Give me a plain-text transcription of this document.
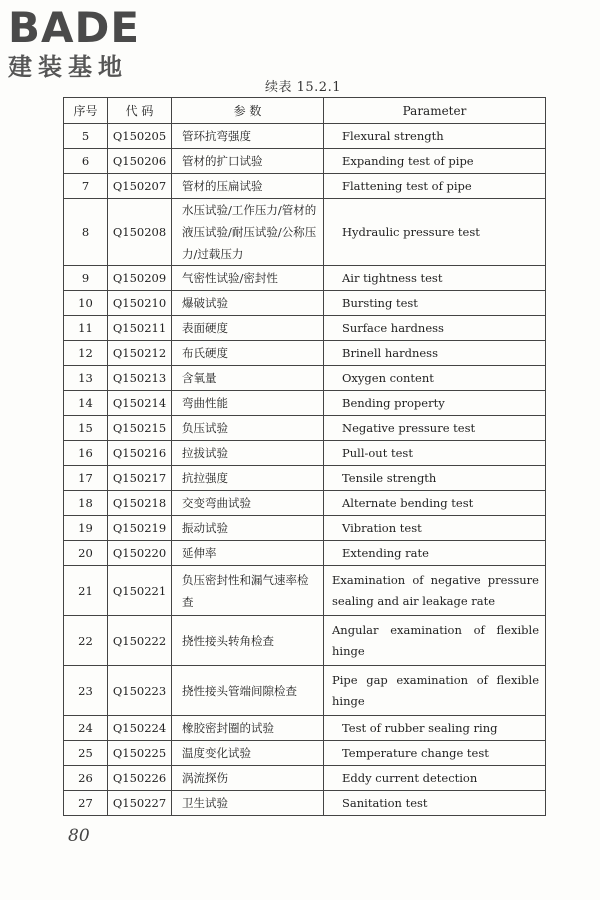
BADE
建装基地
续表 15.2.1
序号	代 码	参 数	Parameter
5	Q150205	管环抗弯强度	Flexural strength
6	Q150206	管材的扩口试验	Expanding test of pipe
7	Q150207	管材的压扁试验	Flattening test of pipe
8	Q150208	水压试验/工作压力/管材的液压试验/耐压试验/公称压力/过载压力	Hydraulic pressure test
9	Q150209	气密性试验/密封性	Air tightness test
10	Q150210	爆破试验	Bursting test
11	Q150211	表面硬度	Surface hardness
12	Q150212	布氏硬度	Brinell hardness
13	Q150213	含氧量	Oxygen content
14	Q150214	弯曲性能	Bending property
15	Q150215	负压试验	Negative pressure test
16	Q150216	拉拔试验	Pull-out test
17	Q150217	抗拉强度	Tensile strength
18	Q150218	交变弯曲试验	Alternate bending test
19	Q150219	振动试验	Vibration test
20	Q150220	延伸率	Extending rate
21	Q150221	负压密封性和漏气速率检查	Examination of negative pressure sealing and air leakage rate
22	Q150222	挠性接头转角检查	Angular examination of flexible hinge
23	Q150223	挠性接头管端间隙检查	Pipe gap examination of flexible hinge
24	Q150224	橡胶密封圈的试验	Test of rubber sealing ring
25	Q150225	温度变化试验	Temperature change test
26	Q150226	涡流探伤	Eddy current detection
27	Q150227	卫生试验	Sanitation test
80
